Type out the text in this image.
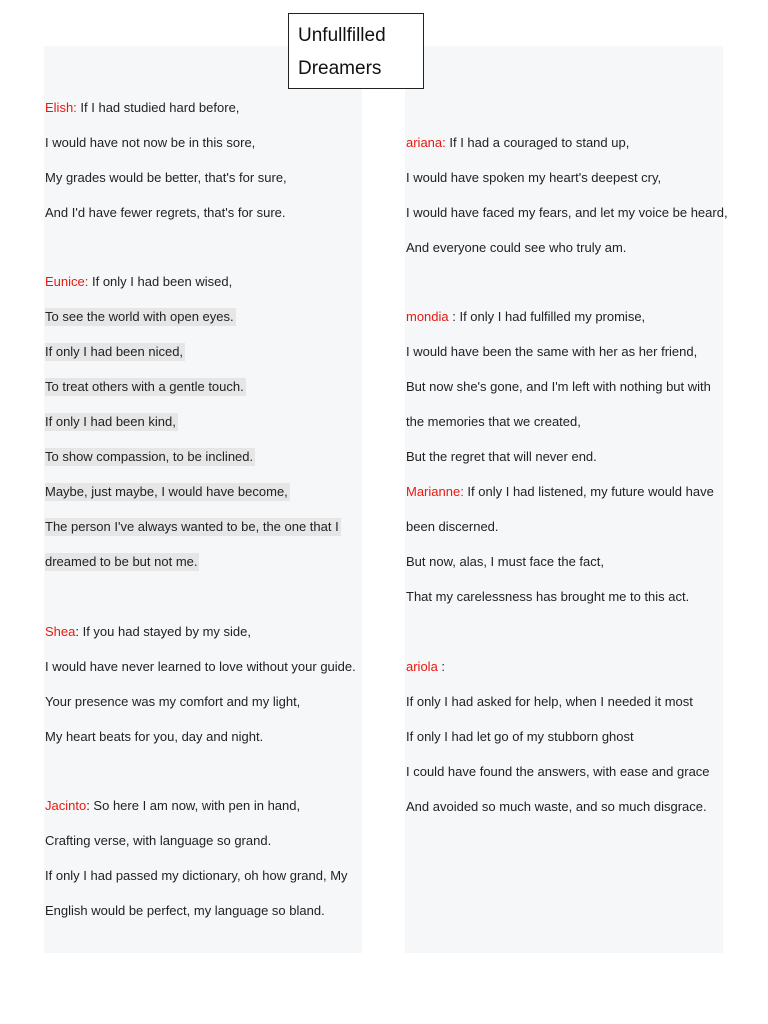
Unfullfilled
Dreamers
Elish: If I had studied hard before,
I would have not now be in this sore,
My grades would be better, that's for sure,
And I'd have fewer regrets, that's for sure.
Eunice: If only I had been wised,
To see the world with open eyes.
If only I had been niced,
To treat others with a gentle touch.
If only I had been kind,
To show compassion, to be inclined.
Maybe, just maybe, I would have become,
The person I've always wanted to be, the one that I
dreamed to be but not me.
Shea: If you had stayed by my side,
I would have never learned to love without your guide.
Your presence was my comfort and my light,
My heart beats for you, day and night.
Jacinto: So here I am now, with pen in hand,
Crafting verse, with language so grand.
If only I had passed my dictionary, oh how grand, My
English would be perfect, my language so bland.
ariana: If I had a couraged to stand up,
I would have spoken my heart's deepest cry,
I would have faced my fears, and let my voice be heard,
And everyone could see who truly am.
mondia : If only I had fulfilled my promise,
I would have been the same with her as her friend,
But now she's gone, and I'm left with nothing but with
the memories that we created,
But the regret that will never end.
Marianne: If only I had listened, my future would have
been discerned.
But now, alas, I must face the fact,
That my carelessness has brought me to this act.
ariola :
If only I had asked for help, when I needed it most
If only I had let go of my stubborn ghost
I could have found the answers, with ease and grace
And avoided so much waste, and so much disgrace.
